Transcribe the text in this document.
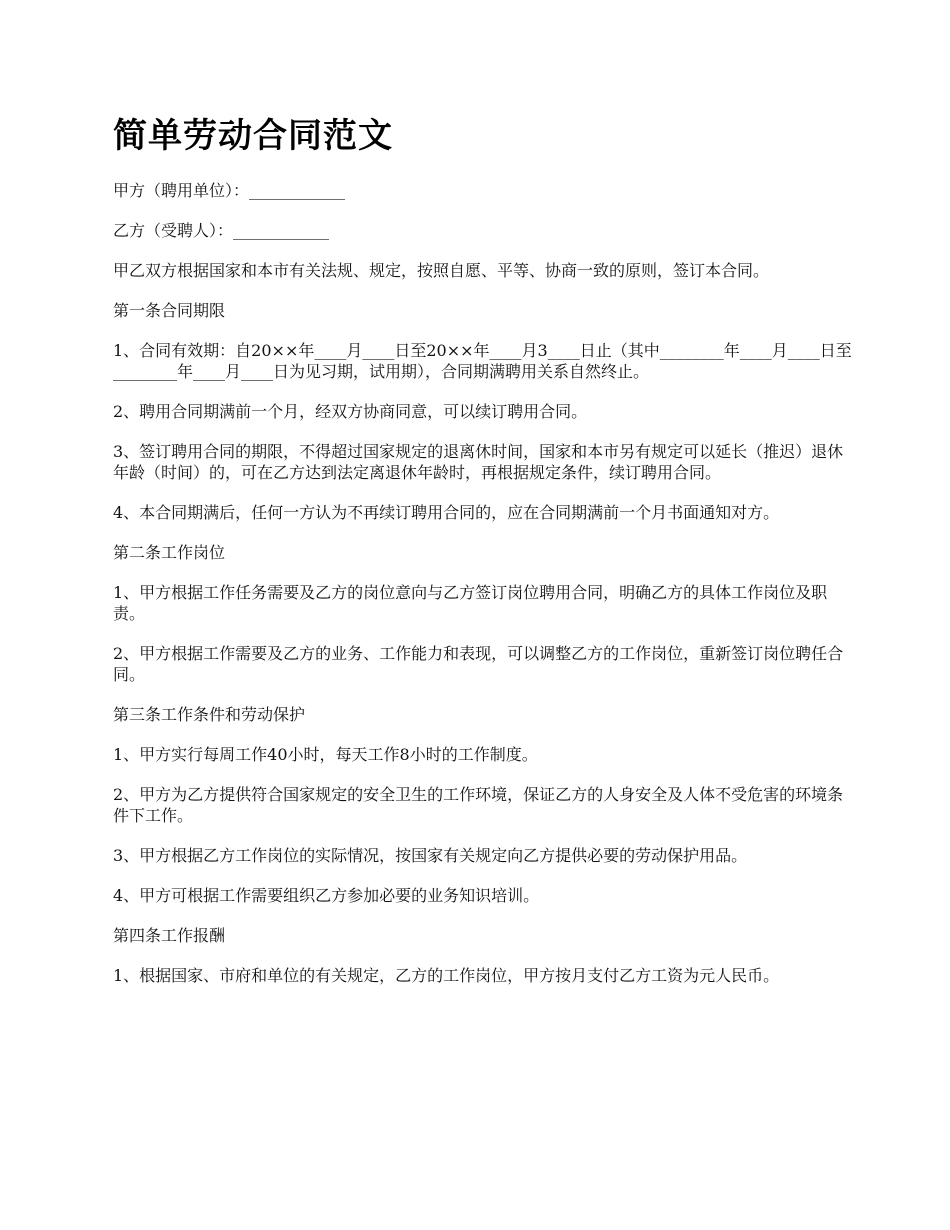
简单劳动合同范文

甲方（聘用单位）：____________

乙方（受聘人）：____________

甲乙双方根据国家和本市有关法规、规定，按照自愿、平等、协商一致的原则，签订本合同。

第一条合同期限

1、合同有效期：自20××年____月____日至20××年____月3____日止（其中________年____月____日至________年____月____日为见习期，试用期），合同期满聘用关系自然终止。

2、聘用合同期满前一个月，经双方协商同意，可以续订聘用合同。

3、签订聘用合同的期限，不得超过国家规定的退离休时间，国家和本市另有规定可以延长（推迟）退休年龄（时间）的，可在乙方达到法定离退休年龄时，再根据规定条件，续订聘用合同。

4、本合同期满后，任何一方认为不再续订聘用合同的，应在合同期满前一个月书面通知对方。

第二条工作岗位

1、甲方根据工作任务需要及乙方的岗位意向与乙方签订岗位聘用合同，明确乙方的具体工作岗位及职责。

2、甲方根据工作需要及乙方的业务、工作能力和表现，可以调整乙方的工作岗位，重新签订岗位聘任合同。

第三条工作条件和劳动保护

1、甲方实行每周工作40小时，每天工作8小时的工作制度。

2、甲方为乙方提供符合国家规定的安全卫生的工作环境，保证乙方的人身安全及人体不受危害的环境条件下工作。

3、甲方根据乙方工作岗位的实际情况，按国家有关规定向乙方提供必要的劳动保护用品。

4、甲方可根据工作需要组织乙方参加必要的业务知识培训。

第四条工作报酬

1、根据国家、市府和单位的有关规定，乙方的工作岗位，甲方按月支付乙方工资为元人民币。
